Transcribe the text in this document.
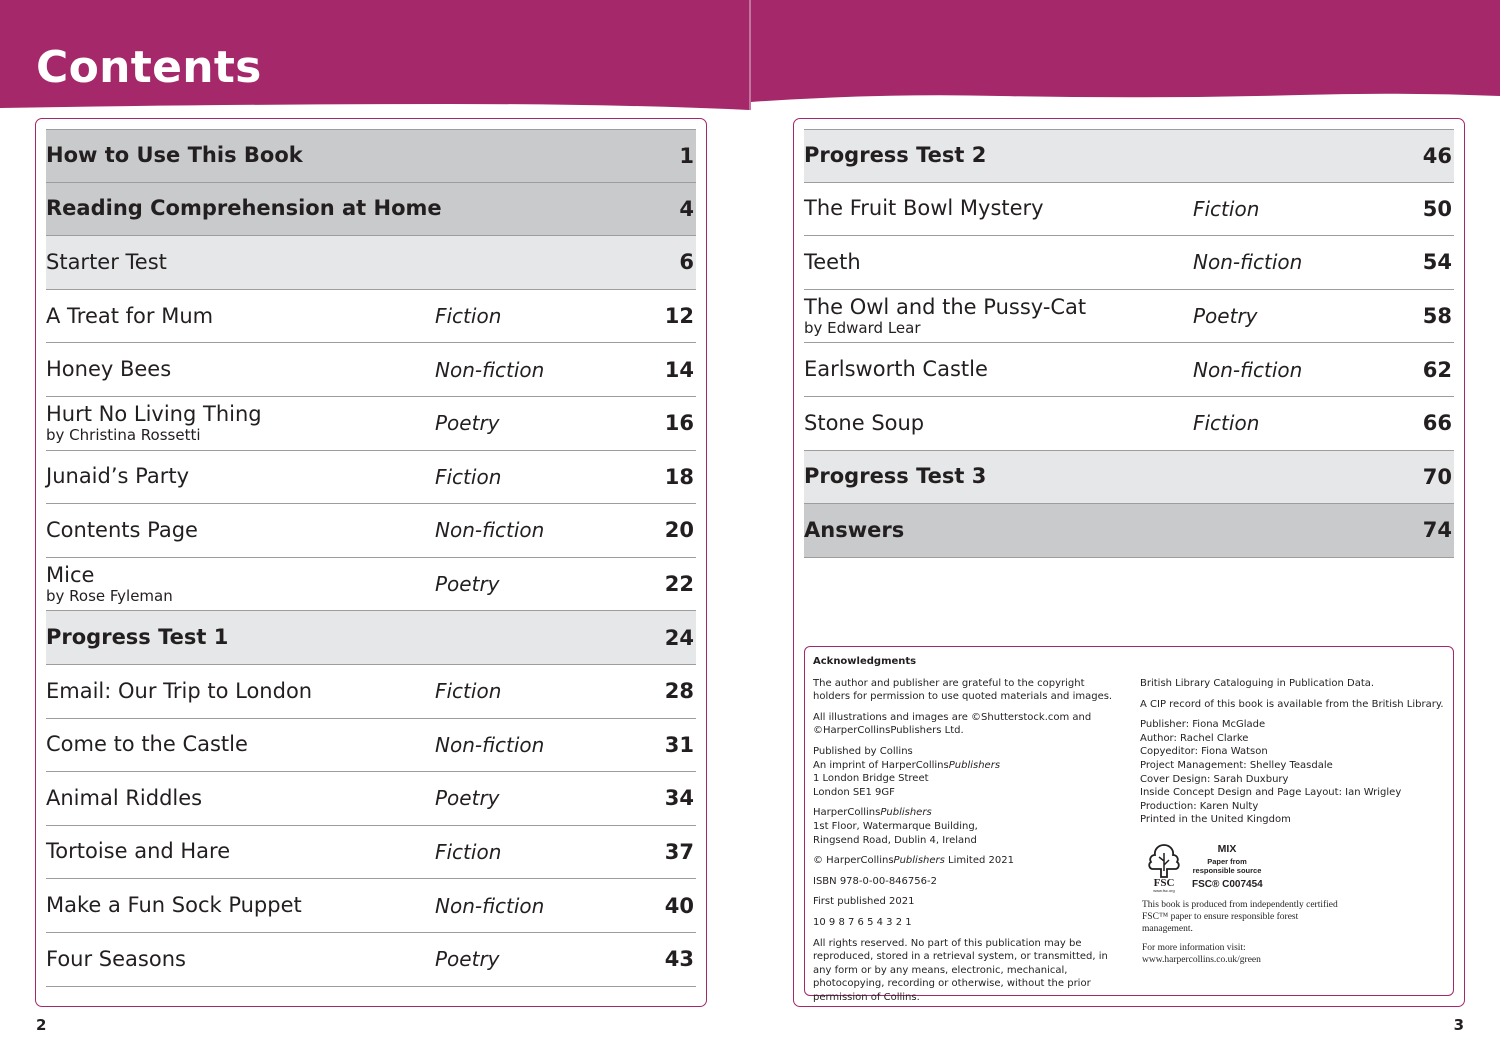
Contents
How to Use This Book	1
Reading Comprehension at Home	4
Starter Test	6
A Treat for Mum	Fiction	12
Honey Bees	Non-fiction	14
Hurt No Living Thing
by Christina Rossetti	Poetry	16
Junaid’s Party	Fiction	18
Contents Page	Non-fiction	20
Mice
by Rose Fyleman	Poetry	22
Progress Test 1	24
Email: Our Trip to London	Fiction	28
Come to the Castle	Non-fiction	31
Animal Riddles	Poetry	34
Tortoise and Hare	Fiction	37
Make a Fun Sock Puppet	Non-fiction	40
Four Seasons	Poetry	43
Progress Test 2	46
The Fruit Bowl Mystery	Fiction	50
Teeth	Non-fiction	54
The Owl and the Pussy-Cat
by Edward Lear	Poetry	58
Earlsworth Castle	Non-fiction	62
Stone Soup	Fiction	66
Progress Test 3	70
Answers	74
Acknowledgments

The author and publisher are grateful to the copyright holders for permission to use quoted materials and images.

All illustrations and images are ©Shutterstock.com and ©HarperCollinsPublishers Ltd.

Published by Collins
An imprint of HarperCollinsPublishers
1 London Bridge Street
London SE1 9GF

HarperCollinsPublishers
1st Floor, Watermarque Building,
Ringsend Road, Dublin 4, Ireland

© HarperCollinsPublishers Limited 2021

ISBN 978-0-00-846756-2

First published 2021

10 9 8 7 6 5 4 3 2 1

All rights reserved. No part of this publication may be reproduced, stored in a retrieval system, or transmitted, in any form or by any means, electronic, mechanical, photocopying, recording or otherwise, without the prior permission of Collins.

British Library Cataloguing in Publication Data.

A CIP record of this book is available from the British Library.

Publisher: Fiona McGlade
Author: Rachel Clarke
Copyeditor: Fiona Watson
Project Management: Shelley Teasdale
Cover Design: Sarah Duxbury
Inside Concept Design and Page Layout: Ian Wrigley
Production: Karen Nulty
Printed in the United Kingdom

FSC
www.fsc.org
MIX
Paper from
responsible source
FSC® C007454

This book is produced from independently certified FSC™ paper to ensure responsible forest management.

For more information visit:
www.harpercollins.co.uk/green

2	3
